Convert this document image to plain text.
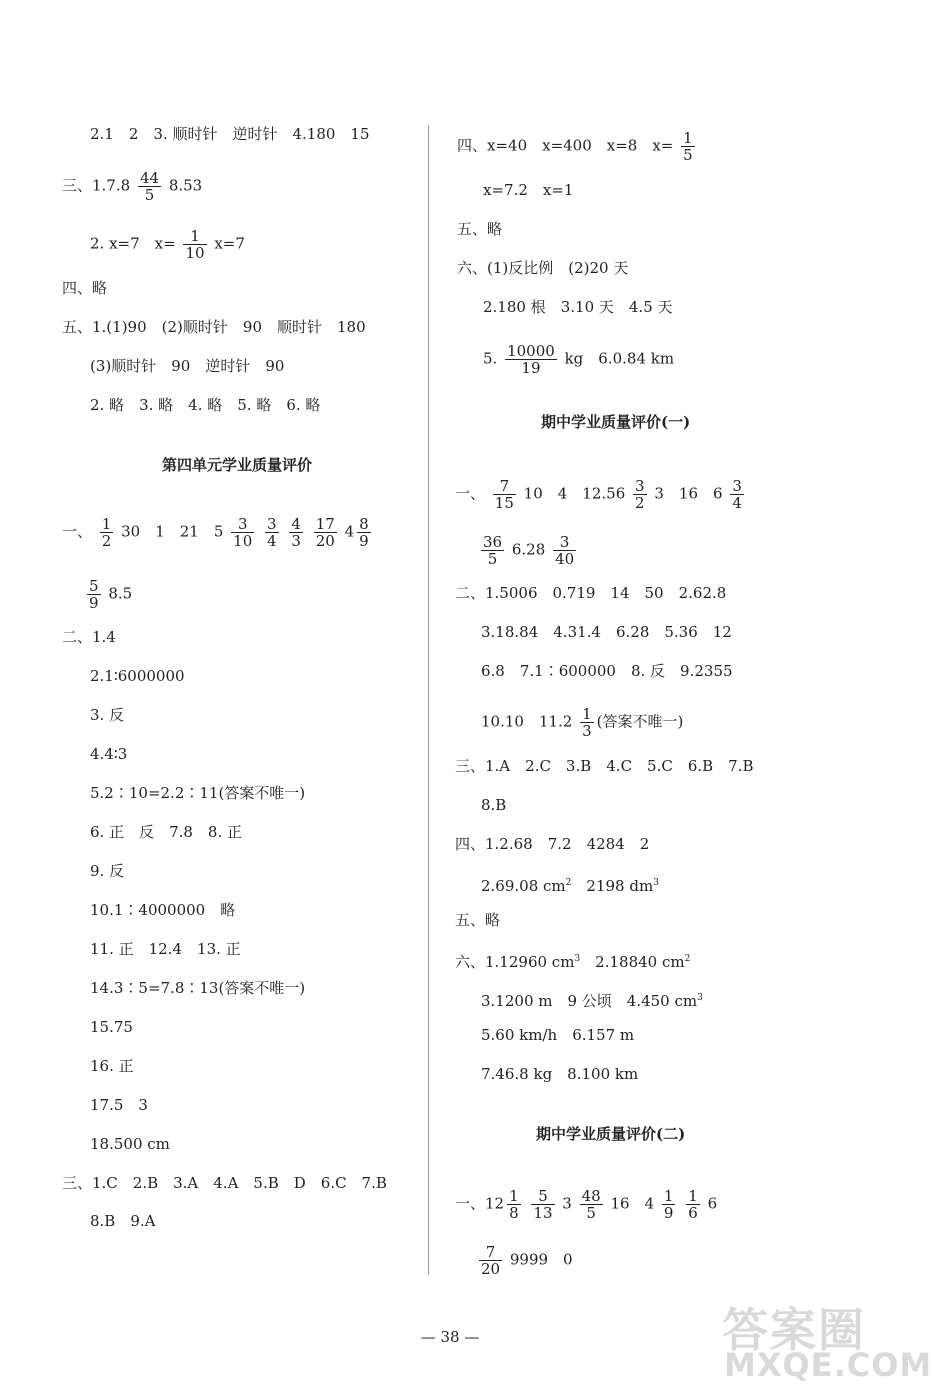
2.1　2　3. 顺时针　逆时针　4.180　15
三、$1.7.8 \frac{44}{5} 8.53$
2. x=7　$x= \frac{1}{10} x=7$
四、略
五、1.(1)90　(2)顺时针　90　顺时针　180
(3)顺时针　90　逆时针　90
2. 略　3. 略　4. 略　5. 略　6. 略
第四单元学业质量评价
一、 $\frac{1}{2} 30$　1　21　$5 \frac{3}{10}$
$\frac{3}{4}$
$\frac{4}{3}$
$\frac{17}{20} 4 \frac{8}{9}$
$\frac{5}{9} 8.5$
二、1.4
2.1∶6000000
3. 反
4.4∶3
5.2∶10=2.2∶11(答案不唯一)
6. 正　反　7.8　8. 正
9. 反
10.1∶4000000　略
11. 正　12.4　13. 正
14.3∶5=7.8∶13(答案不唯一)
15.75
16. 正
17.5　3
18.500 cm
三、1.C　2.B　3.A　4.A　5.B　D　6.C　7.B
8.B　9.A
四、x=40　x=400　x=8　$x= \frac{1}{5}$
x=7.2　x=1
五、略
六、(1)反比例　(2)20 天
2.180 根　3.10 天　4.5 天
5. $\frac{10000}{19}$ kg　6.0.84 km
期中学业质量评价(一)
一、 $\frac{7}{15} 10$　4　$12.56 \frac{3}{2} 3$　16　$6 \frac{3}{4}$
$\frac{36}{5} 6.28 \frac{3}{40}$
二、1.5006　0.719　14　50　2.62.8
3.18.84　4.31.4　6.28　5.36　12
6.8　7.1∶600000　8. 反　9.2355
10.10　$11.2 \frac{1}{3}$ (答案不唯一)
三、1.A　2.C　3.B　4.C　5.C　6.B　7.B
8.B
四、1.2.68　7.2　4284　2
2.69.08 $cm^2$　 2198 $dm^3$
五、略
六、1.12960 $cm^3$　 2.18840 $cm^2$
3.1200 m　9 公顷　4.450 $cm^3$
5.60 km/h　6.157 m
7.46.8 kg　8.100 km
期中学业质量评价(二)
一、$12 \frac{1}{8}$
$\frac{5}{13} 3 \frac{48}{5} 16$　$4 \frac{1}{9}$
$\frac{1}{6} 6$
$\frac{7}{20} 9999$　0
— 38 —	答案圈
MXQE.COM
